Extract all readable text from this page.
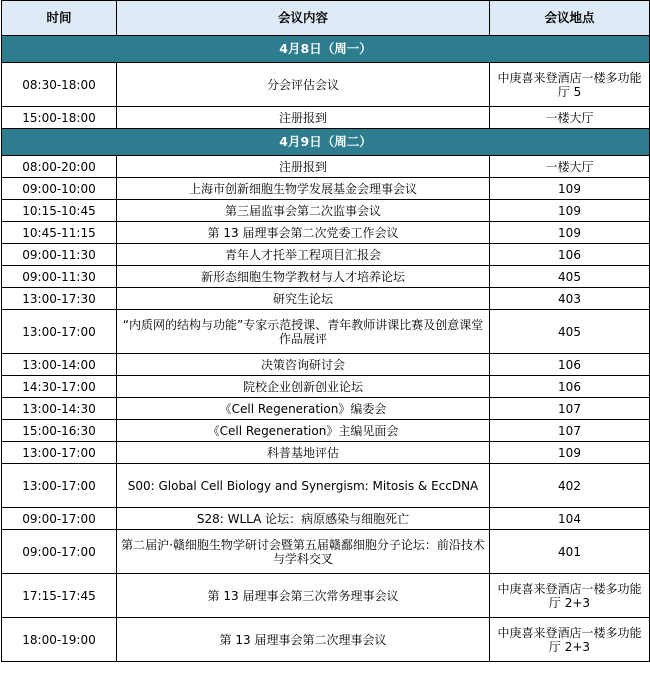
时间	会议内容	会议地点
4月8日（周一）		
08:30-18:00	分会评估会议	中庚喜来登酒店一楼多功能厅 5
15:00-18:00	注册报到	一楼大厅
4月9日（周二）		
08:00-20:00	注册报到	一楼大厅
09:00-10:00	上海市创新细胞生物学发展基金会理事会议	109
10:15-10:45	第三届监事会第二次监事会议	109
10:45-11:15	第 13 届理事会第二次党委工作会议	109
09:00-11:30	青年人才托举工程项目汇报会	106
09:00-11:30	新形态细胞生物学教材与人才培养论坛	405
13:00-17:30	研究生论坛	403
13:00-17:00	“内质网的结构与功能”专家示范授课、青年教师讲课比赛及创意课堂作品展评	405
13:00-14:00	决策咨询研讨会	106
14:30-17:00	院校企业创新创业论坛	106
13:00-14:30	《Cell Regeneration》编委会	107
15:00-16:30	《Cell Regeneration》主编见面会	107
13:00-17:00	科普基地评估	109
13:00-17:00	S00: Global Cell Biology and Synergism: Mitosis & EccDNA	402
09:00-17:00	S28: WLLA 论坛：病原感染与细胞死亡	104
09:00-17:00	第二届沪·赣细胞生物学研讨会暨第五届赣鄱细胞分子论坛：前沿技术与学科交叉	401
17:15-17:45	第 13 届理事会第三次常务理事会议	中庚喜来登酒店一楼多功能厅 2+3
18:00-19:00	第 13 届理事会第二次理事会议	中庚喜来登酒店一楼多功能厅 2+3
